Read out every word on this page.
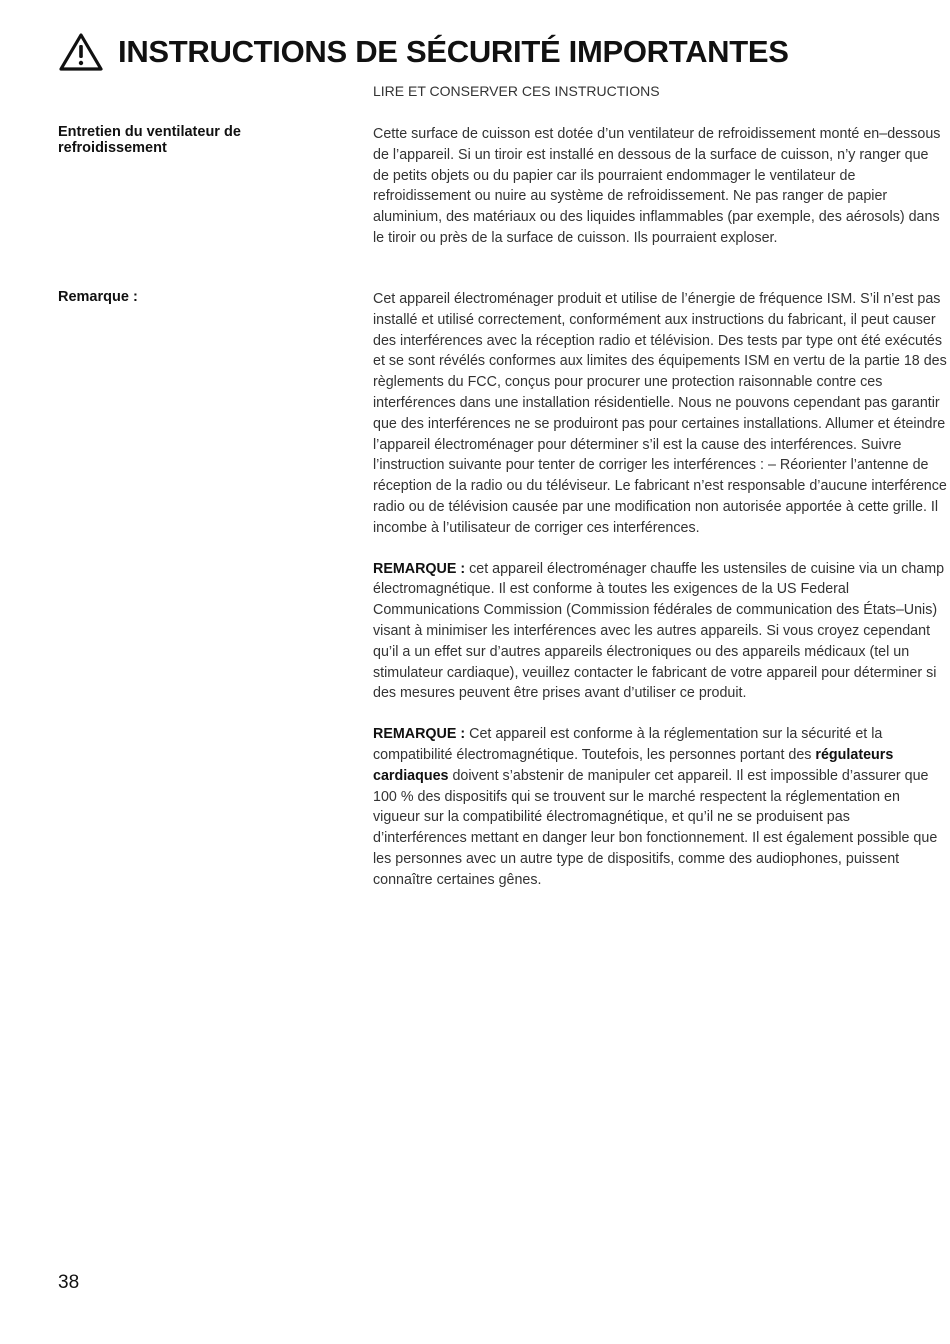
INSTRUCTIONS DE SÉCURITÉ IMPORTANTES
LIRE ET CONSERVER CES INSTRUCTIONS
Entretien du ventilateur de refroidissement

Cette surface de cuisson est dotée d’un ventilateur de refroidissement monté en–dessous de l’appareil. Si un tiroir est installé en dessous de la surface de cuisson, n’y ranger que de petits objets ou du papier car ils pourraient endommager le ventilateur de refroidissement ou nuire au système de refroidissement. Ne pas ranger de papier aluminium, des matériaux ou des liquides inflammables (par exemple, des aérosols) dans le tiroir ou près de la surface de cuisson. Ils pourraient exploser.

Remarque :	Cet appareil électroménager produit et utilise de l’énergie de fréquence ISM. S’il n’est pas installé et utilisé correctement, conformément aux instructions du fabricant, il peut causer des interférences avec la réception radio et télévision. Des tests par type ont été exécutés et se sont révélés conformes aux limites des équipements ISM en vertu de la partie 18 des règlements du FCC, conçus pour procurer une protection raisonnable contre ces interférences dans une installation résidentielle. Nous ne pouvons cependant pas garantir que des interférences ne se produiront pas pour certaines installations. Allumer et éteindre l’appareil électroménager pour déterminer s’il est la cause des interférences. Suivre l’instruction suivante pour tenter de corriger les interférences : – Réorienter l’antenne de réception de la radio ou du téléviseur. Le fabricant n’est responsable d’aucune interférence radio ou de télévision causée par une modification non autorisée apportée à cette grille. Il incombe à l’utilisateur de corriger ces interférences.

REMARQUE : cet appareil électroménager chauffe les ustensiles de cuisine via un champ électromagnétique. Il est conforme à toutes les exigences de la US Federal Communications Commission (Commission fédérales de communication des États–Unis) visant à minimiser les interférences avec les autres appareils. Si vous croyez cependant qu’il a un effet sur d’autres appareils électroniques ou des appareils médicaux (tel un stimulateur cardiaque), veuillez contacter le fabricant de votre appareil pour déterminer si des mesures peuvent être prises avant d’utiliser ce produit.

REMARQUE : Cet appareil est conforme à la réglementation sur la sécurité et la compatibilité électromagnétique. Toutefois, les personnes portant des régulateurs cardiaques doivent s’abstenir de manipuler cet appareil. Il est impossible d’assurer que 100 % des dispositifs qui se trouvent sur le marché respectent la réglementation en vigueur sur la compatibilité électromagnétique, et qu’il ne se produisent pas d’interférences mettant en danger leur bon fonctionnement. Il est également possible que les personnes avec un autre type de dispositifs, comme des audiophones, puissent connaître certaines gênes.

38
